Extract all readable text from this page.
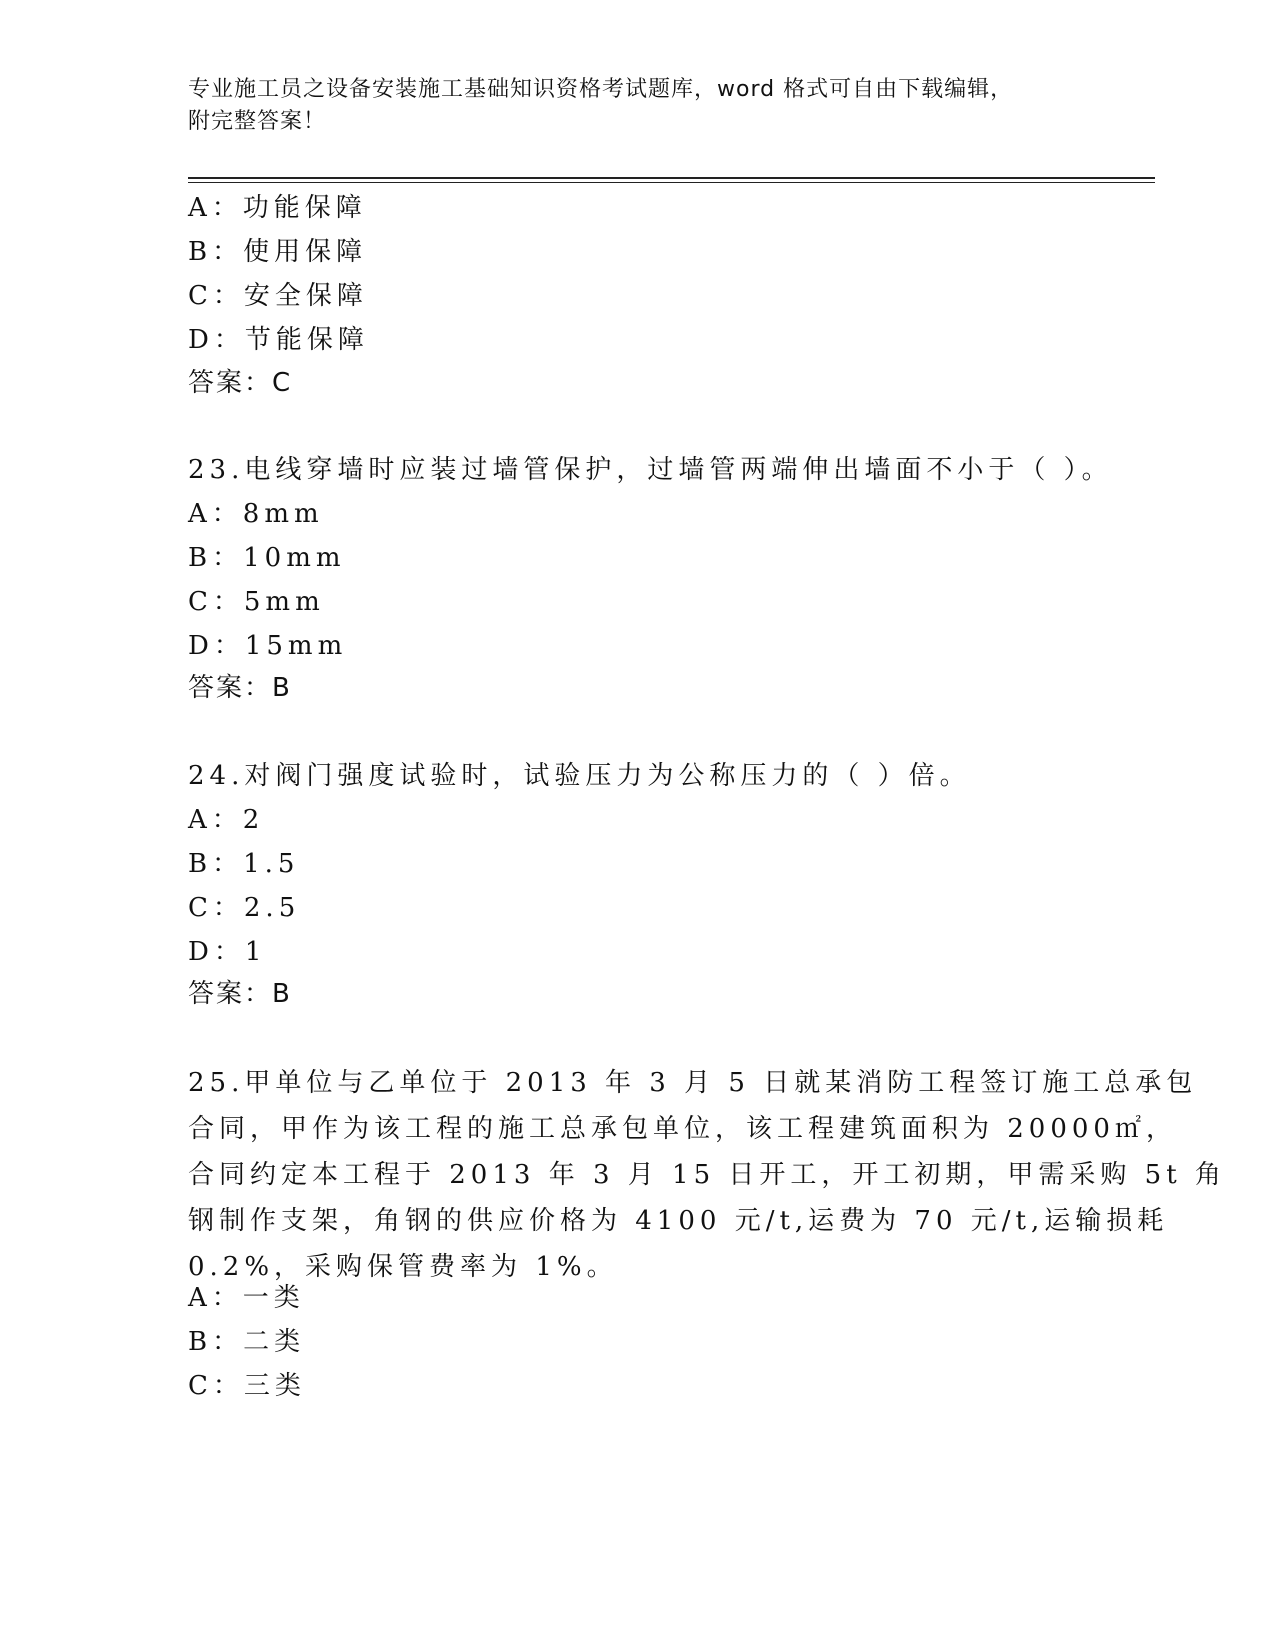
专业施工员之设备安装施工基础知识资格考试题库，word 格式可自由下载编辑，
附完整答案！
A：功能保障
B：使用保障
C：安全保障
D：节能保障
答案：C
23.电线穿墙时应装过墙管保护，过墙管两端伸出墙面不小于（ ）。
A：8mm
B：10mm
C：5mm
D：15mm
答案：B
24.对阀门强度试验时，试验压力为公称压力的（ ）倍。
A：2
B：1.5
C：2.5
D：1
答案：B
25.甲单位与乙单位于 2013 年 3 月 5 日就某消防工程签订施工总承包
合同，甲作为该工程的施工总承包单位，该工程建筑面积为 20000㎡，
合同约定本工程于 2013 年 3 月 15 日开工，开工初期，甲需采购 5t 角
钢制作支架，角钢的供应价格为 4100 元/t,运费为 70 元/t,运输损耗
0.2%，采购保管费率为 1%。
A：一类
B：二类
C：三类
